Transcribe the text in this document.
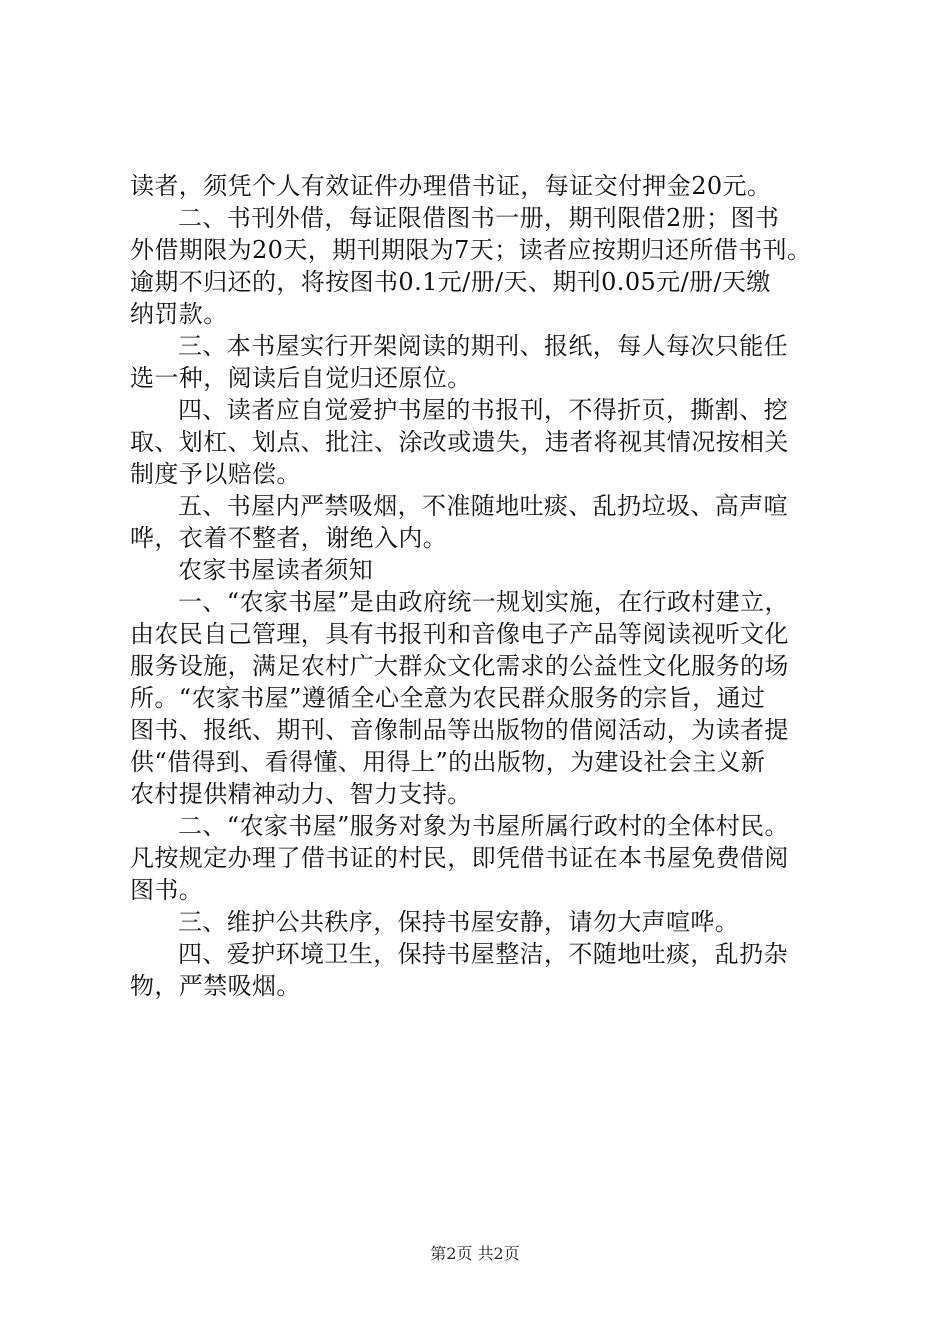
读者，须凭个人有效证件办理借书证，每证交付押金20元。
二、书刊外借，每证限借图书一册，期刊限借2册；图书
外借期限为20天，期刊期限为7天；读者应按期归还所借书刊。
逾期不归还的，将按图书0.1元/册/天、期刊0.05元/册/天缴
纳罚款。
三、本书屋实行开架阅读的期刊、报纸，每人每次只能任
选一种，阅读后自觉归还原位。
四、读者应自觉爱护书屋的书报刊，不得折页，撕割、挖
取、划杠、划点、批注、涂改或遗失，违者将视其情况按相关
制度予以赔偿。
五、书屋内严禁吸烟，不准随地吐痰、乱扔垃圾、高声喧
哗，衣着不整者，谢绝入内。
农家书屋读者须知
一、“农家书屋”是由政府统一规划实施，在行政村建立，
由农民自己管理，具有书报刊和音像电子产品等阅读视听文化
服务设施，满足农村广大群众文化需求的公益性文化服务的场
所。“农家书屋”遵循全心全意为农民群众服务的宗旨，通过
图书、报纸、期刊、音像制品等出版物的借阅活动，为读者提
供“借得到、看得懂、用得上”的出版物，为建设社会主义新
农村提供精神动力、智力支持。
二、“农家书屋”服务对象为书屋所属行政村的全体村民。
凡按规定办理了借书证的村民，即凭借书证在本书屋免费借阅
图书。
三、维护公共秩序，保持书屋安静，请勿大声喧哗。
四、爱护环境卫生，保持书屋整洁，不随地吐痰，乱扔杂
物，严禁吸烟。
第2页 共2页
